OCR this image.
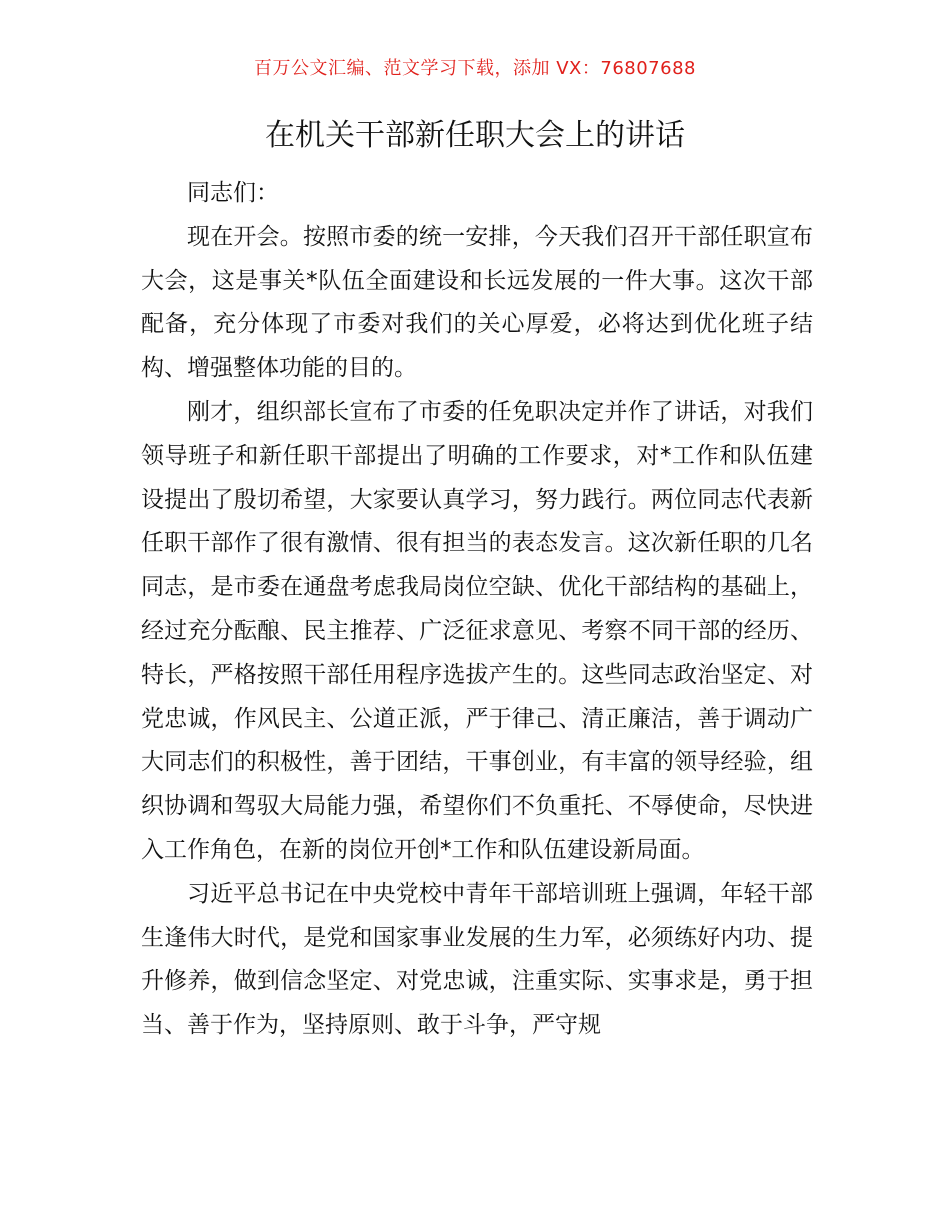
百万公文汇编、范文学习下载，添加 VX：76807688
在机关干部新任职大会上的讲话

同志们：

现在开会。按照市委的统一安排，今天我们召开干部任职宣布大会，这是事关*队伍全面建设和长远发展的一件大事。这次干部配备，充分体现了市委对我们的关心厚爱，必将达到优化班子结构、增强整体功能的目的。

刚才，组织部长宣布了市委的任免职决定并作了讲话，对我们领导班子和新任职干部提出了明确的工作要求，对*工作和队伍建设提出了殷切希望，大家要认真学习，努力践行。两位同志代表新任职干部作了很有激情、很有担当的表态发言。这次新任职的几名同志，是市委在通盘考虑我局岗位空缺、优化干部结构的基础上，经过充分酝酿、民主推荐、广泛征求意见、考察不同干部的经历、特长，严格按照干部任用程序选拔产生的。这些同志政治坚定、对党忠诚，作风民主、公道正派，严于律己、清正廉洁，善于调动广大同志们的积极性，善于团结，干事创业，有丰富的领导经验，组织协调和驾驭大局能力强，希望你们不负重托、不辱使命，尽快进入工作角色，在新的岗位开创*工作和队伍建设新局面。

习近平总书记在中央党校中青年干部培训班上强调，年轻干部生逢伟大时代，是党和国家事业发展的生力军，必须练好内功、提升修养，做到信念坚定、对党忠诚，注重实际、实事求是，勇于担当、善于作为，坚持原则、敢于斗争，严守规
